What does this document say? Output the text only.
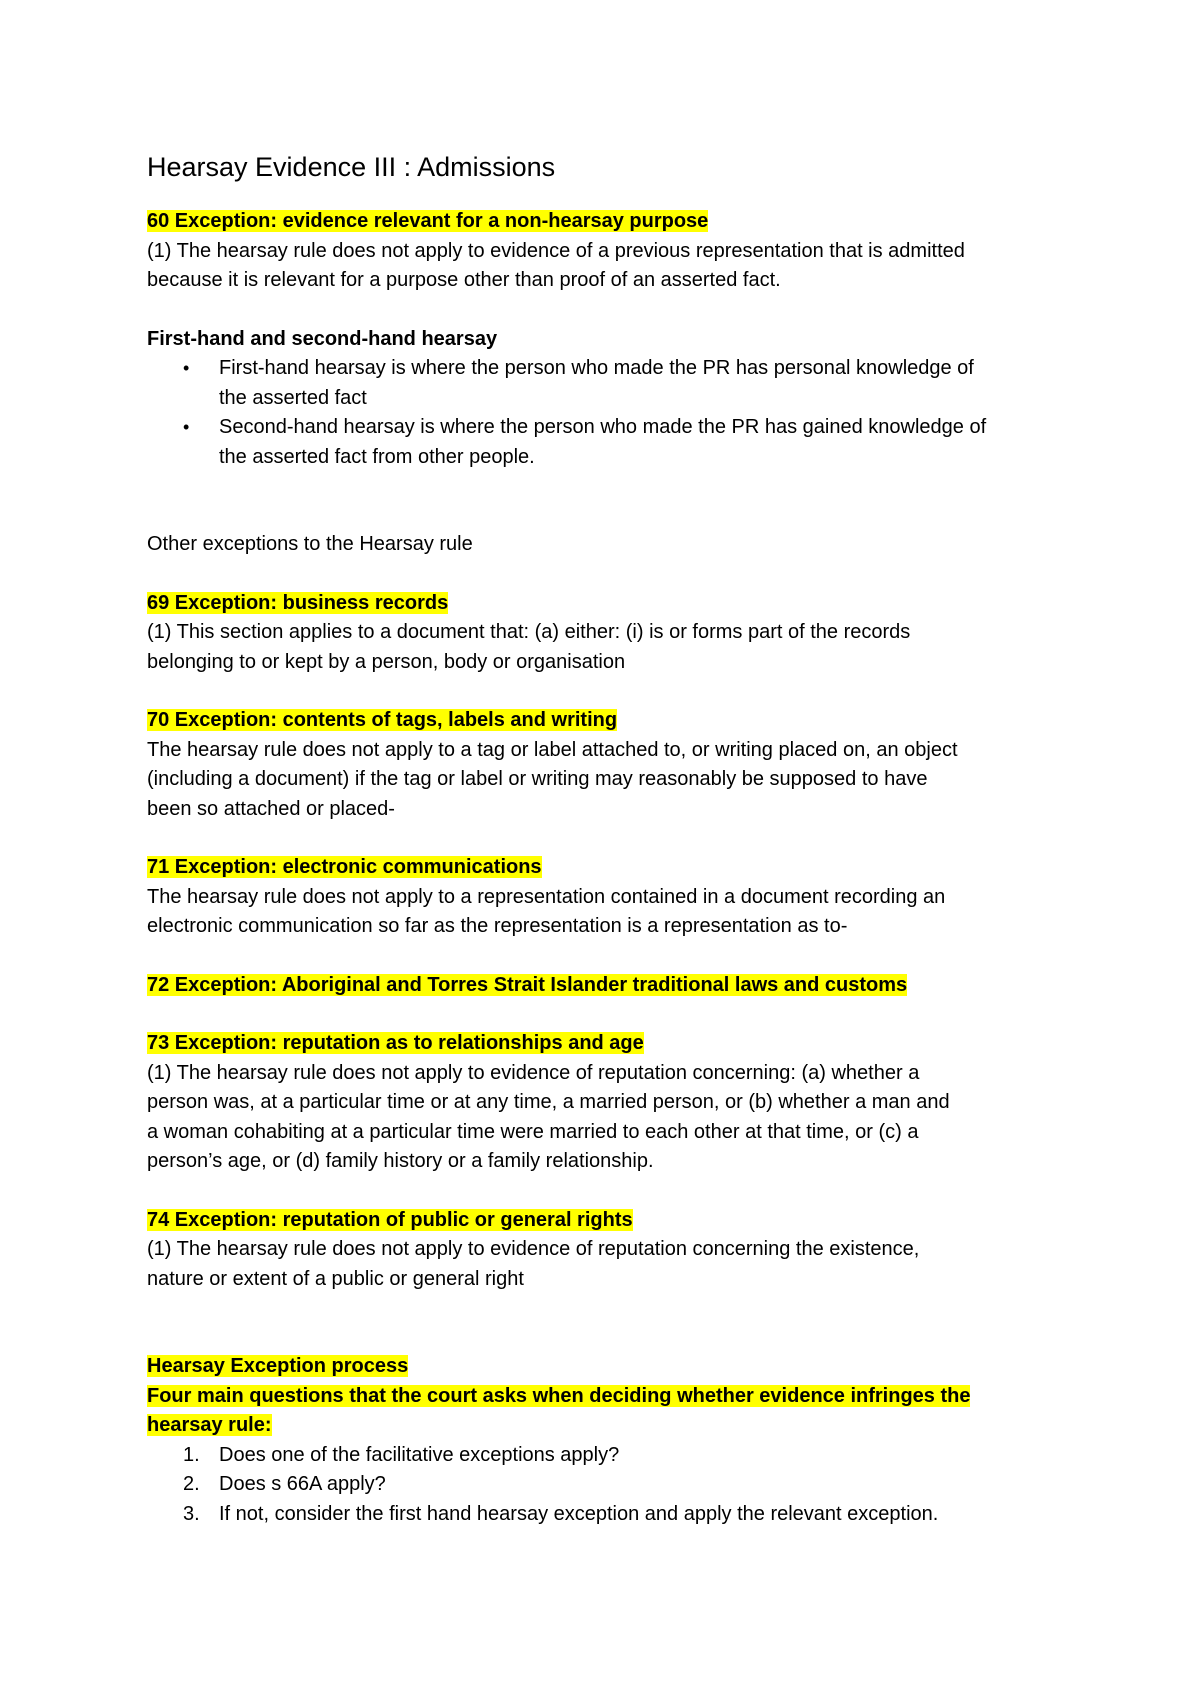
Hearsay Evidence III : Admissions

60 Exception: evidence relevant for a non-hearsay purpose

(1) The hearsay rule does not apply to evidence of a previous representation that is admitted

because it is relevant for a purpose other than proof of an asserted fact.

First-hand and second-hand hearsay

• First-hand hearsay is where the person who made the PR has personal knowledge of
the asserted fact
• Second-hand hearsay is where the person who made the PR has gained knowledge of
the asserted fact from other people.

Other exceptions to the Hearsay rule

69 Exception: business records

(1) This section applies to a document that: (a) either: (i) is or forms part of the records

belonging to or kept by a person, body or organisation

70 Exception: contents of tags, labels and writing

The hearsay rule does not apply to a tag or label attached to, or writing placed on, an object

(including a document) if the tag or label or writing may reasonably be supposed to have

been so attached or placed-

71 Exception: electronic communications

The hearsay rule does not apply to a representation contained in a document recording an

electronic communication so far as the representation is a representation as to-

72 Exception: Aboriginal and Torres Strait Islander traditional laws and customs

73 Exception: reputation as to relationships and age

(1) The hearsay rule does not apply to evidence of reputation concerning: (a) whether a

person was, at a particular time or at any time, a married person, or (b) whether a man and

a woman cohabiting at a particular time were married to each other at that time, or (c) a

person’s age, or (d) family history or a family relationship.

74 Exception: reputation of public or general rights

(1) The hearsay rule does not apply to evidence of reputation concerning the existence,

nature or extent of a public or general right

Hearsay Exception process

Four main questions that the court asks when deciding whether evidence infringes the

hearsay rule:

1. Does one of the facilitative exceptions apply?
2. Does s 66A apply?
3. If not, consider the first hand hearsay exception and apply the relevant exception.
